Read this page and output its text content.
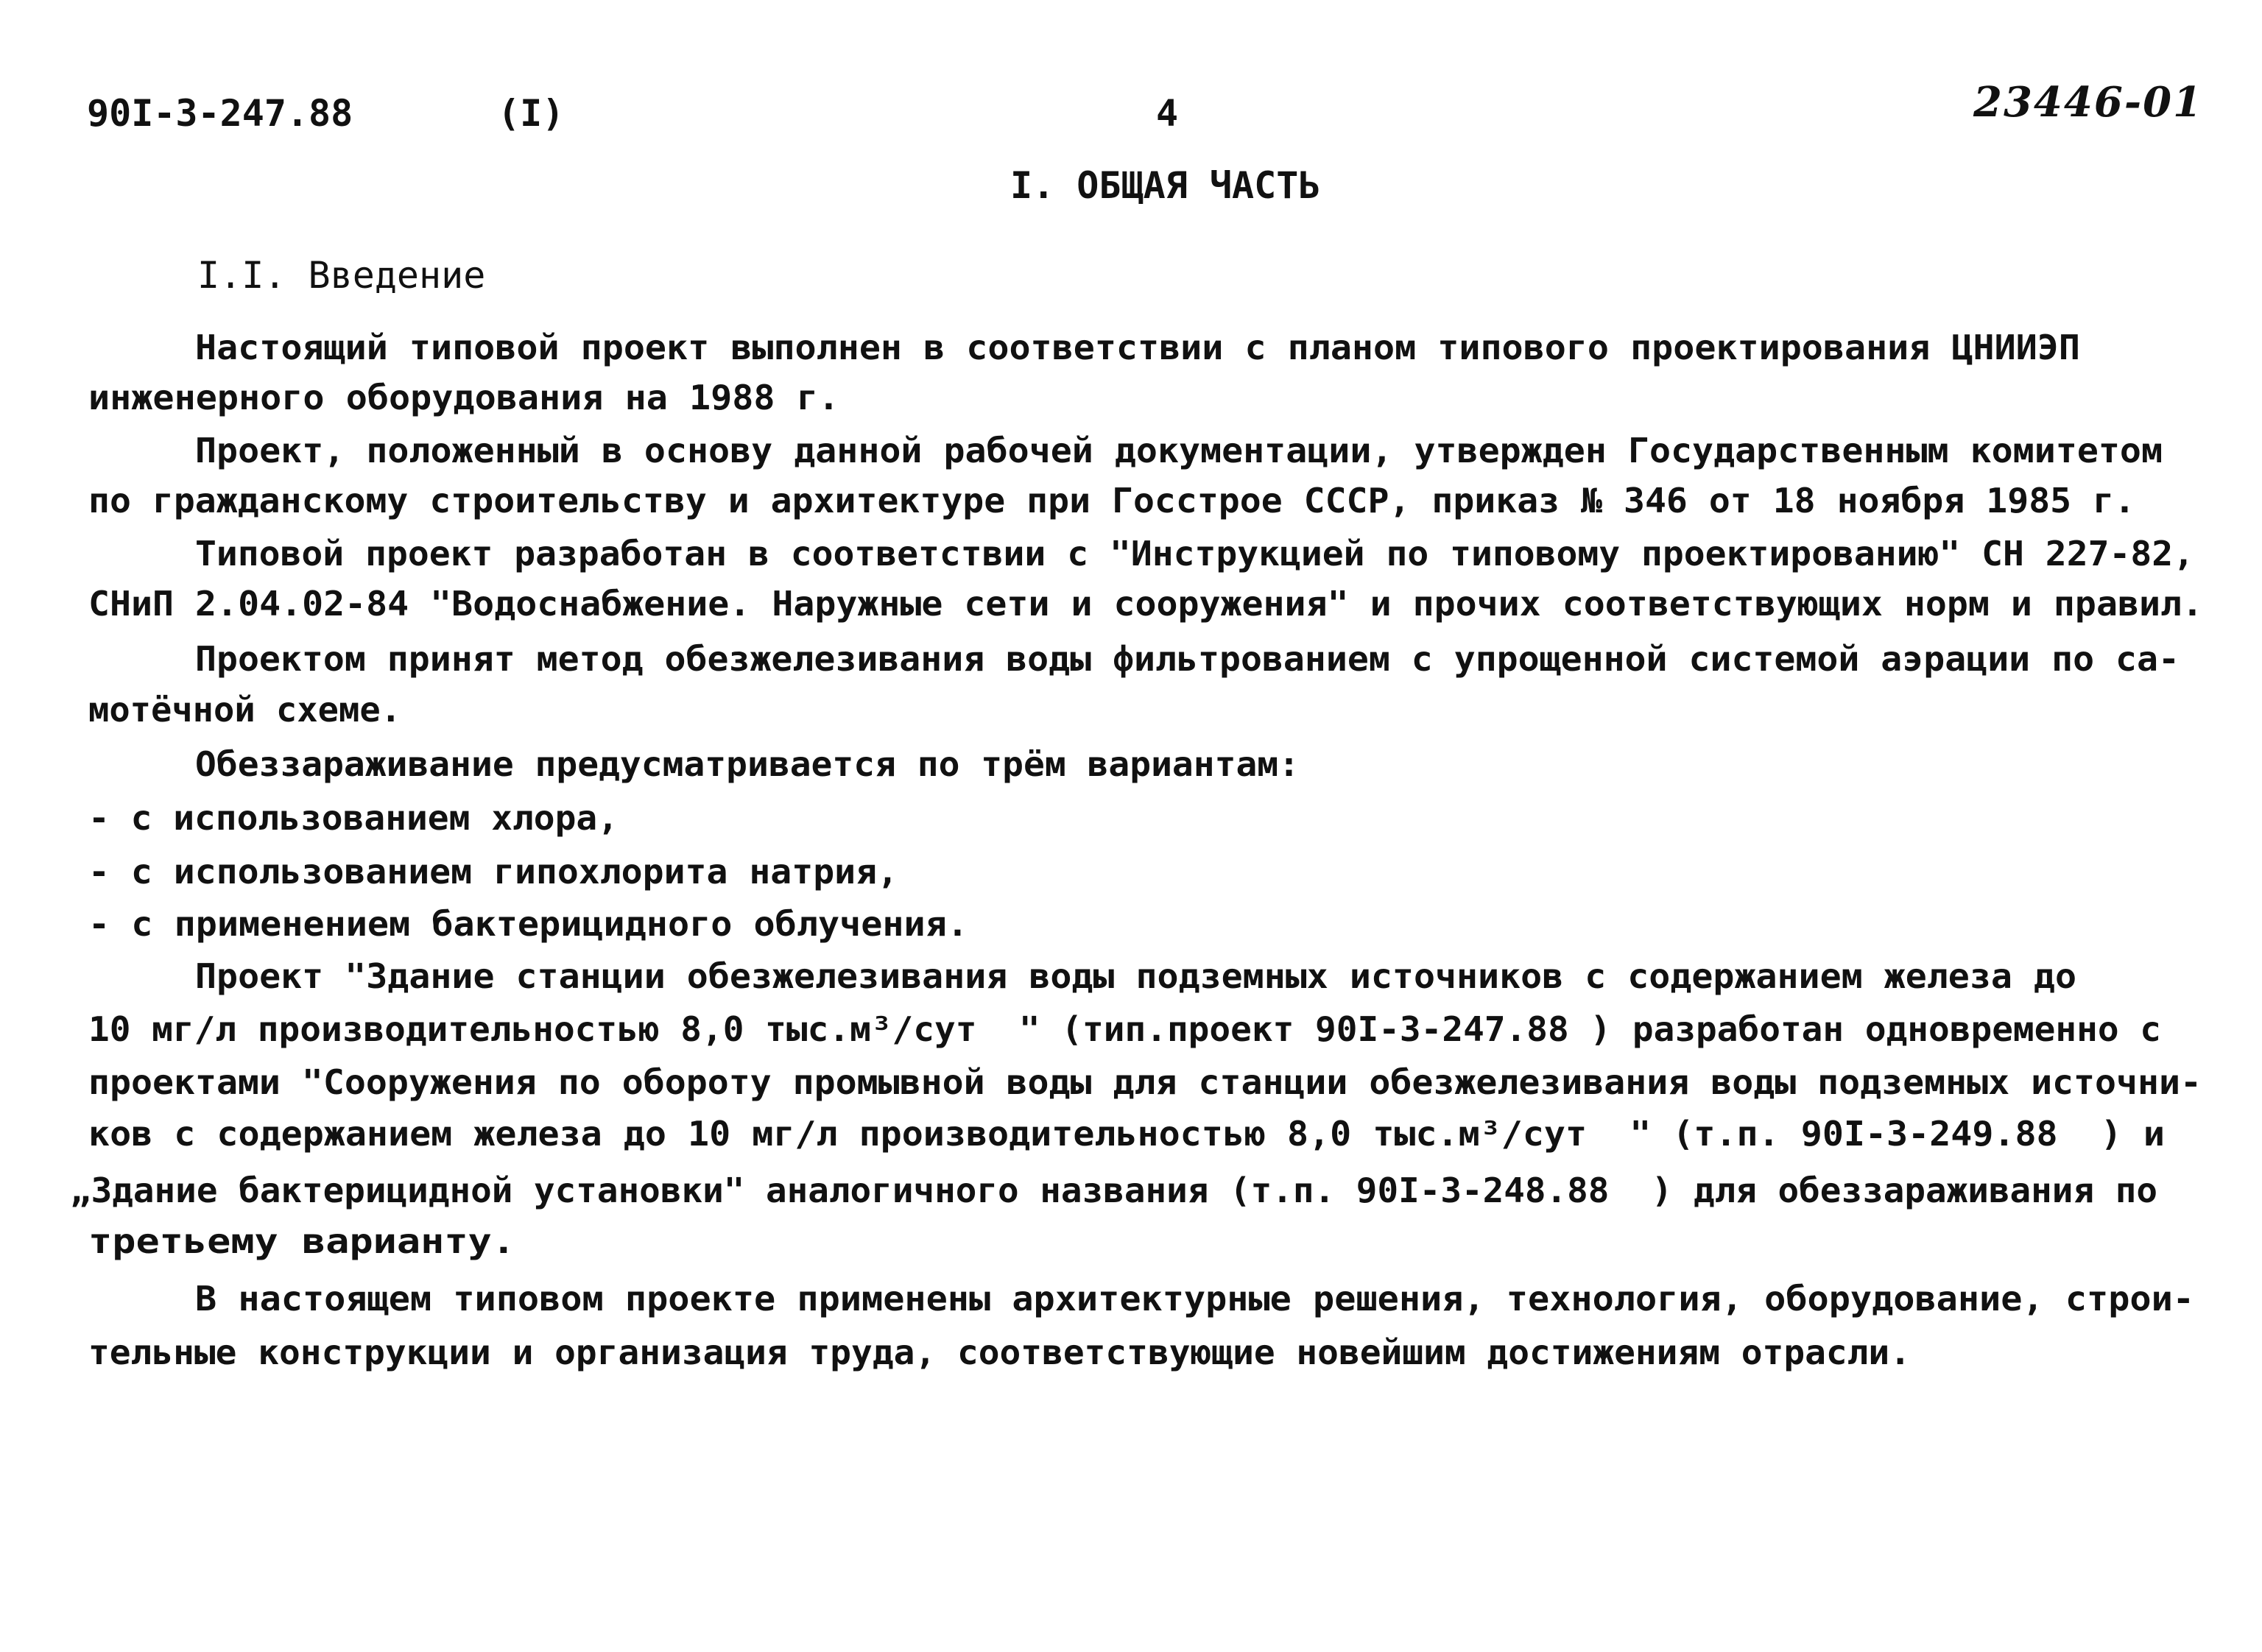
90I-3-247.88	(I)	4	23446-01
I. ОБЩАЯ ЧАСТЬ
I.I. Введение
Настоящий типовой проект выполнен в соответствии с планом типового проектирования ЦНИИЭП
инженерного оборудования на 1988 г.
Проект, положенный в основу данной рабочей документации, утвержден Государственным комитетом
по гражданскому строительству и архитектуре при Госстрое СССР, приказ № 346 от 18 ноября 1985 г.
Типовой проект разработан в соответствии с "Инструкцией по типовому проектированию" СН 227-82,
СНиП 2.04.02-84 "Водоснабжение. Наружные сети и сооружения" и прочих соответствующих норм и правил.
Проектом принят метод обезжелезивания воды фильтрованием с упрощенной системой аэрации по са-
мотёчной схеме.
Обеззараживание предусматривается по трём вариантам:
- с использованием хлора,
- с использованием гипохлорита натрия,
- с применением бактерицидного облучения.
Проект "Здание станции обезжелезивания воды подземных источников с содержанием железа до
10 мг/л производительностью 8,0 тыс.м³/сут  " (тип.проект 90I-3-247.88 ) разработан одновременно с
проектами "Сооружения по обороту промывной воды для станции обезжелезивания воды подземных источни-
ков с содержанием железа до 10 мг/л производительностью 8,0 тыс.м³/сут  " (т.п. 90I-3-249.88  ) и
„Здание бактерицидной установки" аналогичного названия (т.п. 90I-3-248.88  ) для обеззараживания по
третьему варианту.
В настоящем типовом проекте применены архитектурные решения, технология, оборудование, строи-
тельные конструкции и организация труда, соответствующие новейшим достижениям отрасли.
